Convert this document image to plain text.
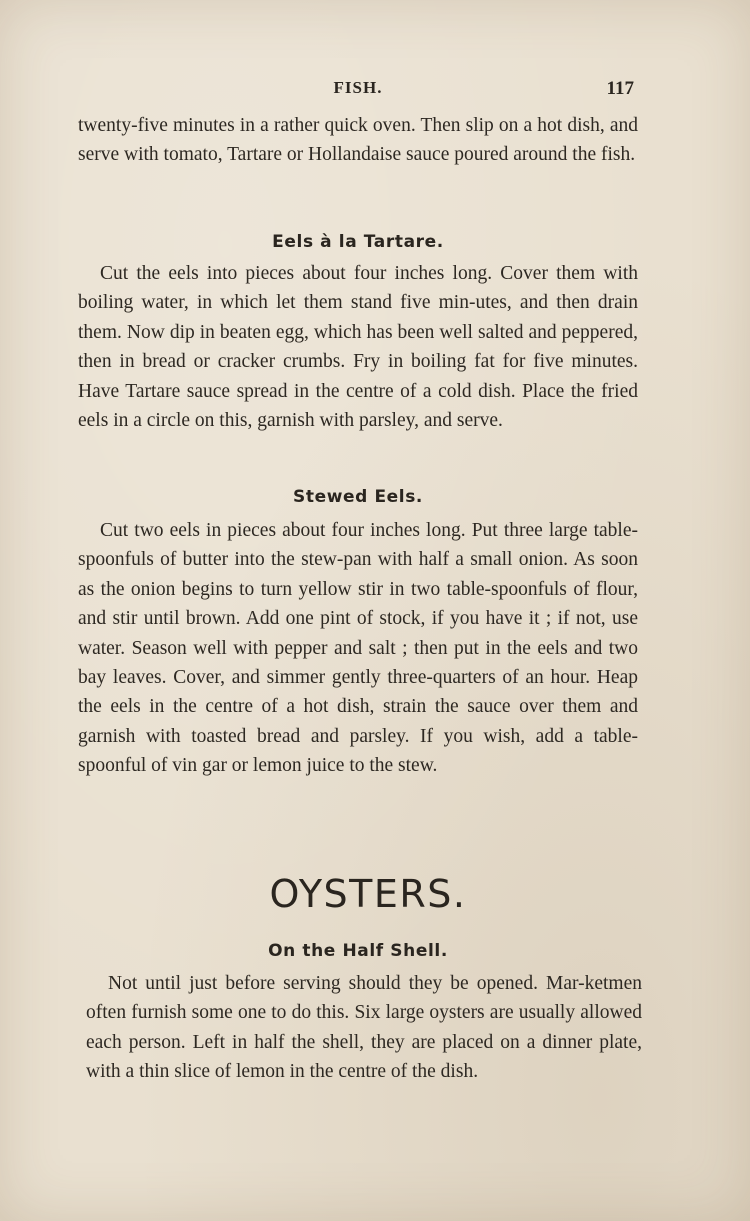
FISH.	117

twenty-five minutes in a rather quick oven. Then slip on a hot dish, and serve with tomato, Tartare or Hollandaise sauce poured around the fish.

Eels à la Tartare.

Cut the eels into pieces about four inches long. Cover them with boiling water, in which let them stand five min-utes, and then drain them. Now dip in beaten egg, which has been well salted and peppered, then in bread or cracker crumbs. Fry in boiling fat for five minutes. Have Tartare sauce spread in the centre of a cold dish. Place the fried eels in a circle on this, garnish with parsley, and serve.

Stewed Eels.

Cut two eels in pieces about four inches long. Put three large table-spoonfuls of butter into the stew-pan with half a small onion. As soon as the onion begins to turn yellow stir in two table-spoonfuls of flour, and stir until brown. Add one pint of stock, if you have it ; if not, use water. Season well with pepper and salt ; then put in the eels and two bay leaves. Cover, and simmer gently three-quarters of an hour. Heap the eels in the centre of a hot dish, strain the sauce over them and garnish with toasted bread and parsley. If you wish, add a table-spoonful of vin gar or lemon juice to the stew.

OYSTERS.
On the Half Shell.

Not until just before serving should they be opened. Mar-ketmen often furnish some one to do this. Six large oysters are usually allowed each person. Left in half the shell, they are placed on a dinner plate, with a thin slice of lemon in the centre of the dish.
